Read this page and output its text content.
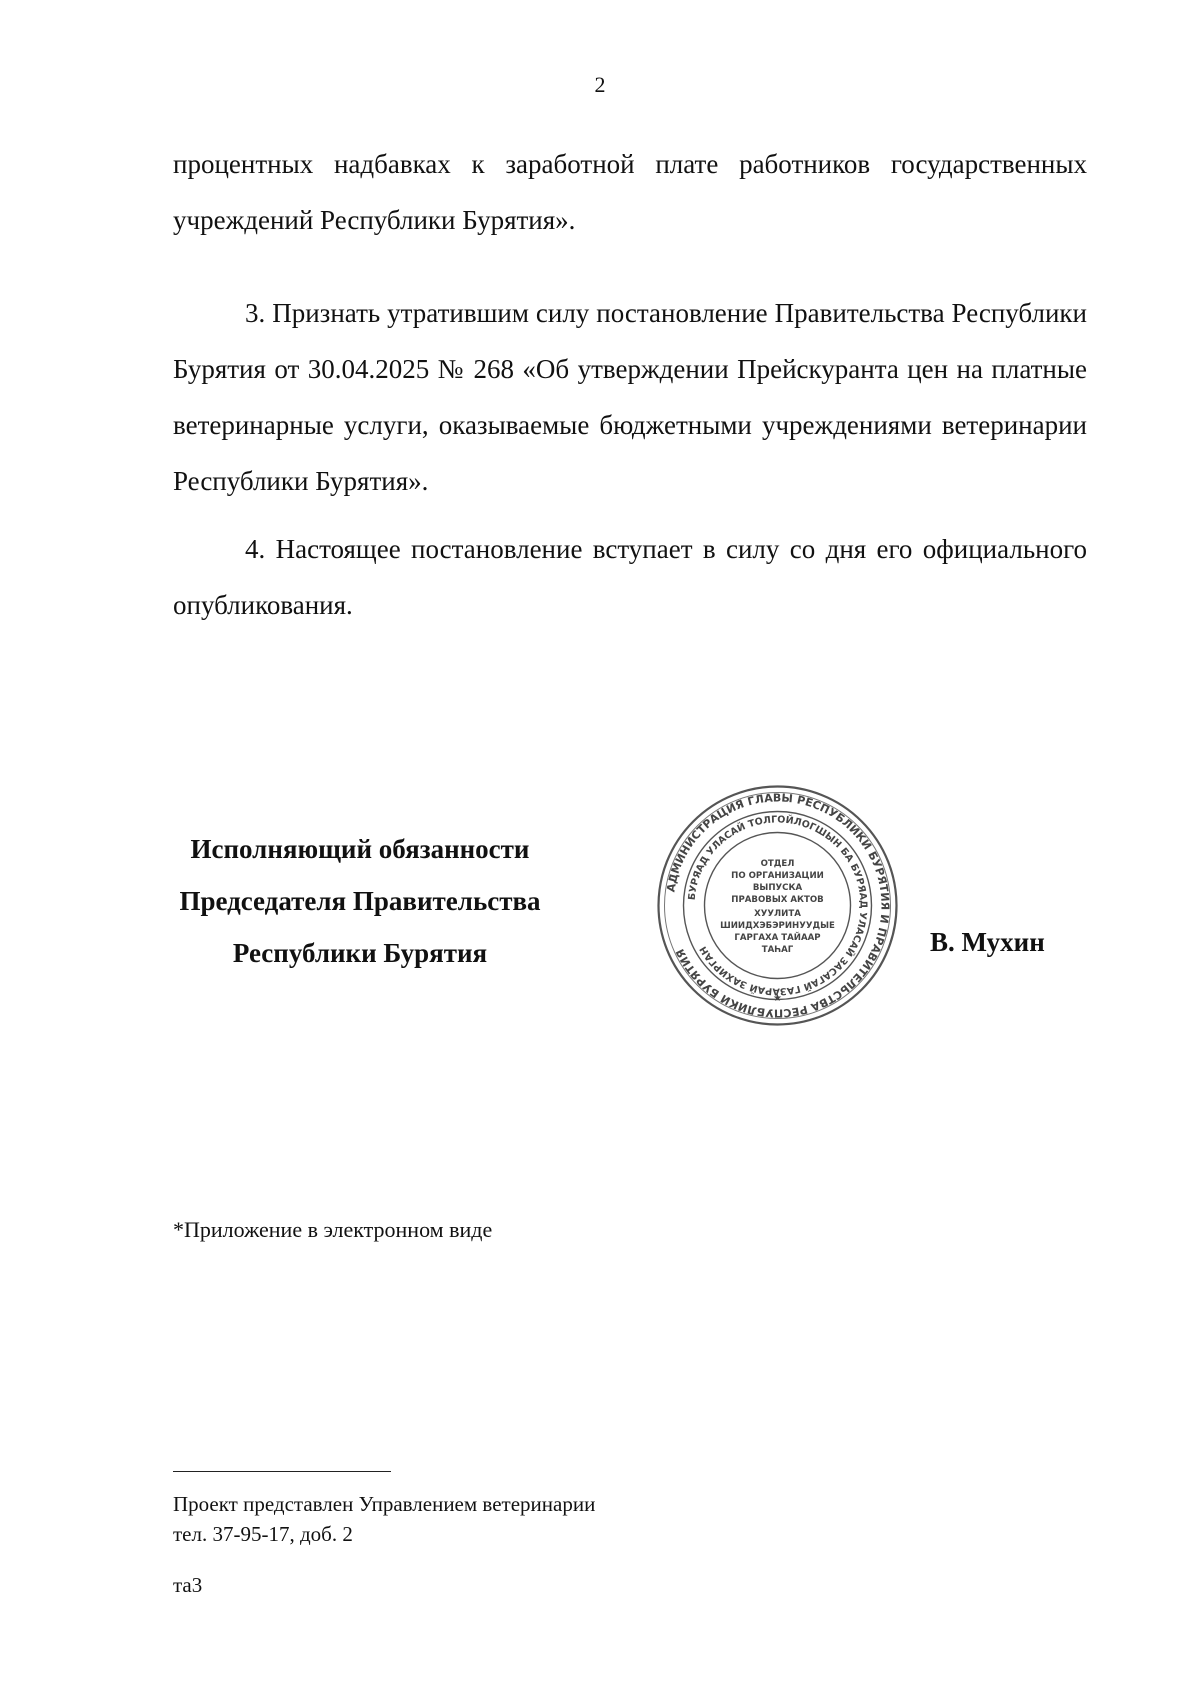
2

процентных надбавках к заработной плате работников государственных учреждений Республики Бурятия».

3. Признать утратившим силу постановление Правительства Республики Бурятия от 30.04.2025 № 268 «Об утверждении Прейскуранта цен на платные ветеринарные услуги, оказываемые бюджетными учреждениями ветеринарии Республики Бурятия».

4. Настоящее постановление вступает в силу со дня его официального опубликования.

Исполняющий обязанности
Председателя Правительства
Республики Бурятия
АДМИНИСТРАЦИЯ ГЛАВЫ РЕСПУБЛИКИ БУРЯТИЯ И ПРАВИТЕЛЬСТВА РЕСПУБЛИКИ БУРЯТИЯ
БУРЯАД УЛАСАЙ ТОЛГОЙЛОГШЫН БА БУРЯАД УЛАСАЙ ЗАСАГАЙ ГАЗАРАЙ ЗАХИРГАН
ОТДЕЛ
ПО ОРГАНИЗАЦИИ
ВЫПУСКА
ПРАВОВЫХ АКТОВ
ХУУЛИТА
ШИИДХЭБЭРИНУУДЫЕ
ГАРГАХА ТАЙААР
ТАҺАГ
★
В. Мухин
*Приложение в электронном виде
Проект представлен Управлением ветеринарии
тел. 37-95-17, доб. 2
та3
